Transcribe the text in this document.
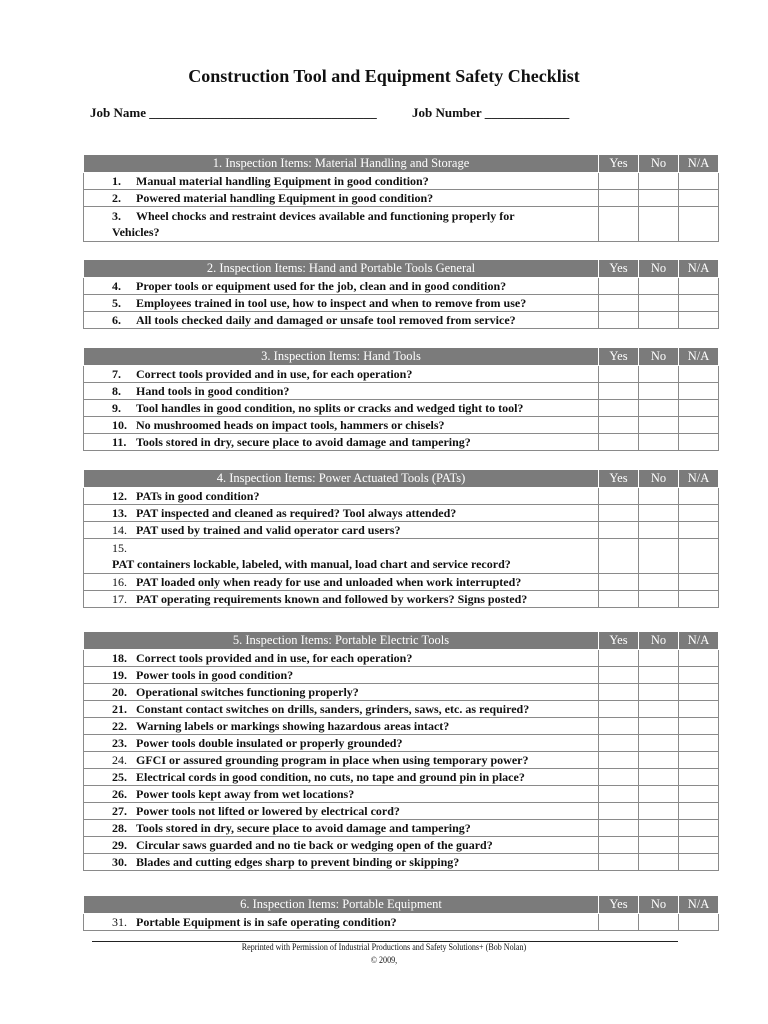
Construction Tool and Equipment Safety Checklist
Job Name ___________________________________	Job Number _____________
1. Inspection Items: Material Handling and Storage	Yes	No	N/A
1. Manual material handling Equipment in good condition?			
2. Powered material handling Equipment in good condition?			
3. Wheel chocks and restraint devices available and functioning properly for
Vehicles?			
2. Inspection Items: Hand and Portable Tools General	Yes	No	N/A
4. Proper tools or equipment used for the job, clean and in good condition?			
5. Employees trained in tool use, how to inspect and when to remove from use?			
6. All tools checked daily and damaged or unsafe tool removed from service?			
3. Inspection Items: Hand Tools	Yes	No	N/A
7. Correct tools provided and in use, for each operation?			
8. Hand tools in good condition?			
9. Tool handles in good condition, no splits or cracks and wedged tight to tool?			
10. No mushroomed heads on impact tools, hammers or chisels?			
11. Tools stored in dry, secure place to avoid damage and tampering?			
4. Inspection Items: Power Actuated Tools (PATs)	Yes	No	N/A
12. PATs in good condition?			
13. PAT inspected and cleaned as required? Tool always attended?			
14. PAT used by trained and valid operator card users?			
15.PAT containers lockable, labeled, with manual, load chart and service record?			
16. PAT loaded only when ready for use and unloaded when work interrupted?			
17. PAT operating requirements known and followed by workers? Signs posted?			
5. Inspection Items: Portable Electric Tools	Yes	No	N/A
18. Correct tools provided and in use, for each operation?			
19. Power tools in good condition?			
20. Operational switches functioning properly?			
21. Constant contact switches on drills, sanders, grinders, saws, etc. as required?			
22. Warning labels or markings showing hazardous areas intact?			
23. Power tools double insulated or properly grounded?			
24. GFCI or assured grounding program in place when using temporary power?			
25. Electrical cords in good condition, no cuts, no tape and ground pin in place?			
26. Power tools kept away from wet locations?			
27. Power tools not lifted or lowered by electrical cord?			
28. Tools stored in dry, secure place to avoid damage and tampering?			
29. Circular saws guarded and no tie back or wedging open of the guard?			
30. Blades and cutting edges sharp to prevent binding or skipping?			
6. Inspection Items: Portable Equipment	Yes	No	N/A
31. Portable Equipment is in safe operating condition?			
Reprinted with Permission of Industrial Productions and Safety Solutions+ (Bob Nolan)
© 2009,
